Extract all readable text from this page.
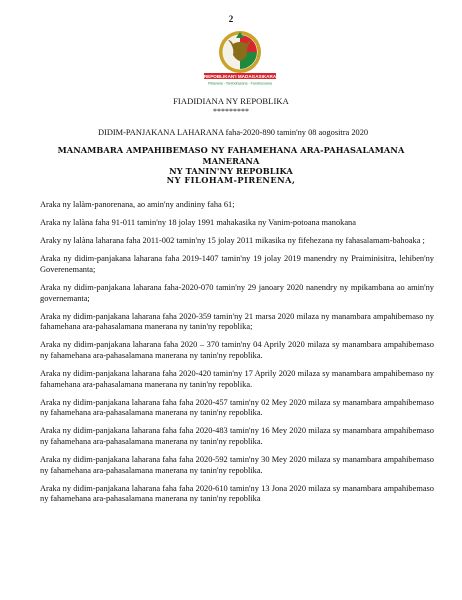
2
REPOBLIKAN'I MADAGASIKARA
Fitiavana - Tanindrazana - Fandrosoana
FIADIDIANA NY REPOBLIKA
*********
DIDIM-PANJAKANA LAHARANA faha-2020-890 tamin'ny 08 aogositra 2020
MANAMBARA AMPAHIBEMASO NY FAHAMEHANA ARA-PAHASALAMANA MANERANA
NY TANIN'NY REPOBLIKA
NY FILOHAM-PIRENENA,

Araka ny lalàm-panorenana, ao amin'ny andininy faha 61;

Araka ny lalàna faha 91-011 tamin'ny 18 jolay 1991 mahakasika ny Vanim-potoana manokana

Araky ny lalàna laharana faha 2011-002 tamin'ny 15 jolay 2011 mikasika ny fifehezana ny fahasalamam-bahoaka ;

Araka ny didim-panjakana laharana faha 2019-1407 tamin'ny 19 jolay 2019 manendry ny Praiminisitra, lehiben'ny Goverenemanta;

Araka ny didim-panjakana laharana faha-2020-070 tamin'ny 29 janoary 2020 nanendry ny mpikambana ao amin'ny governemanta;

Araka ny didim-panjakana laharana faha 2020-359 tamin'ny 21 marsa 2020 milaza ny manambara ampahibemaso ny fahamehana ara-pahasalamana manerana ny tanin'ny repoblika;

Araka ny didim-panjakana laharana faha 2020 – 370 tamin'ny 04 Aprily 2020 milaza sy manambara ampahibemaso ny fahamehana ara-pahasalamana manerana ny tanin'ny repoblika.

Araka ny didim-panjakana laharana faha 2020-420 tamin'ny 17 Aprily 2020 milaza sy manambara ampahibemaso ny fahamehana ara-pahasalamana manerana ny tanin'ny repoblika.

Araka ny didim-panjakana laharana faha faha 2020-457 tamin'ny 02 Mey 2020 milaza sy manambara ampahibemaso ny fahamehana ara-pahasalamana manerana ny tanin'ny repoblika.

Araka ny didim-panjakana laharana faha faha 2020-483 tamin'ny 16 Mey 2020 milaza sy manambara ampahibemaso ny fahamehana ara-pahasalamana manerana ny tanin'ny repoblika.

Araka ny didim-panjakana laharana faha faha 2020-592 tamin'ny 30 Mey 2020 milaza sy manambara ampahibemaso ny fahamehana ara-pahasalamana manerana ny tanin'ny repoblika.

Araka ny didim-panjakana laharana faha faha 2020-610 tamin'ny 13 Jona 2020 milaza sy manambara ampahibemaso ny fahamehana ara-pahasalamana manerana ny tanin'ny repoblika
